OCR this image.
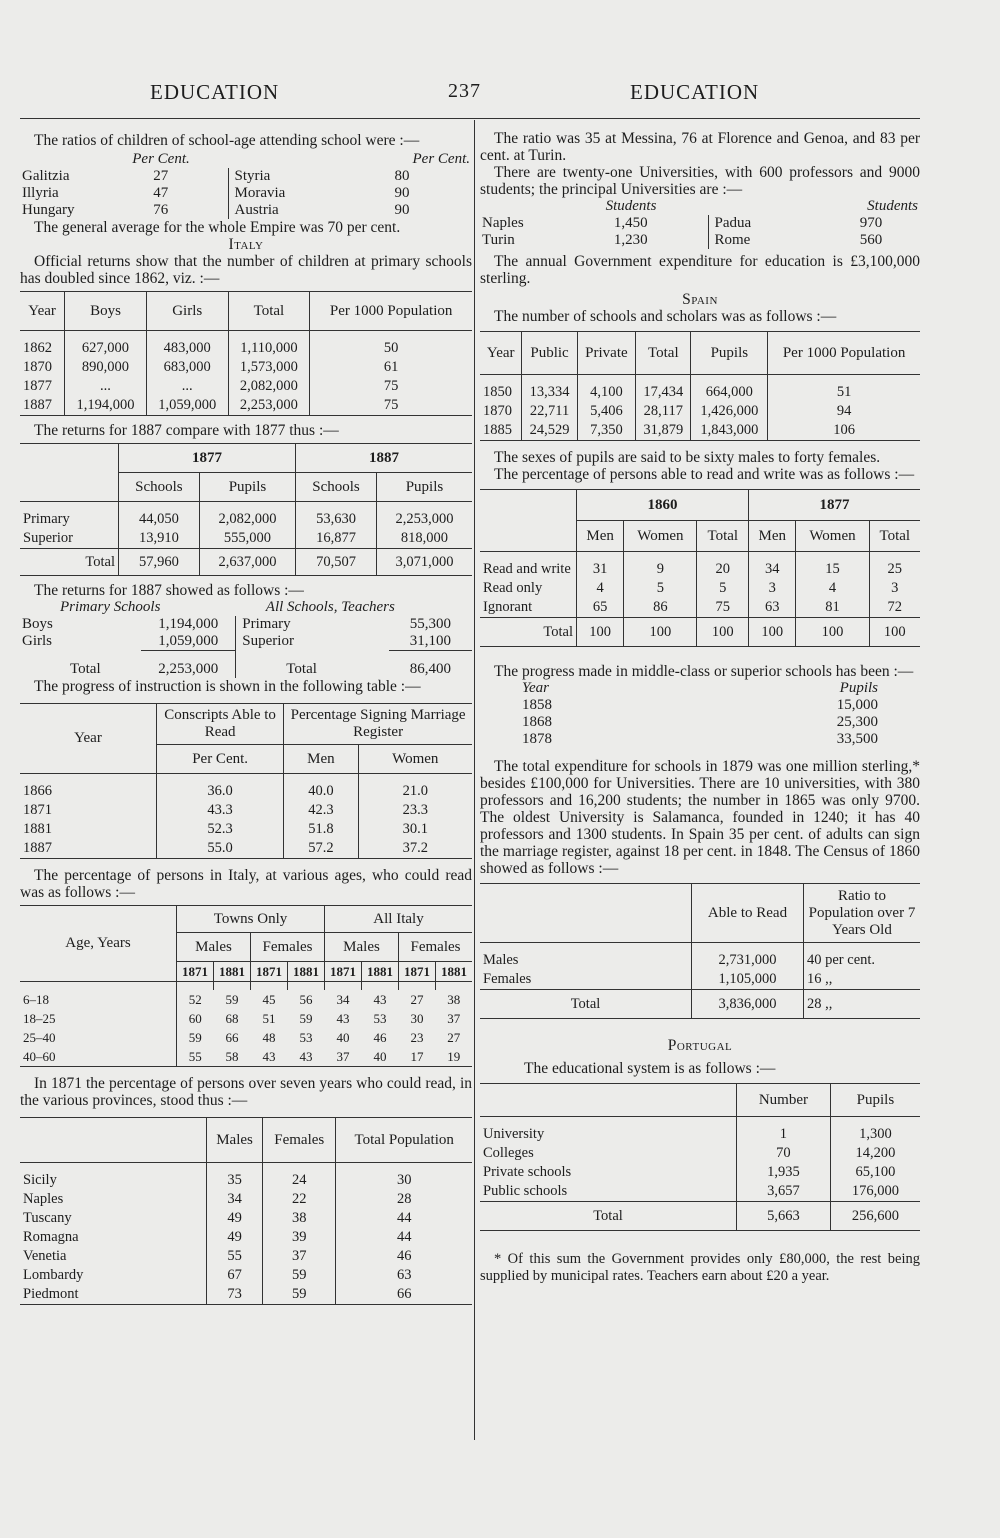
EDUCATION	237	EDUCATION

The ratios of children of school-age attending school were :—

	Per Cent.		Per Cent.
Galitzia	27	Styria	80
Illyria	47	Moravia	90
Hungary	76	Austria	90

The general average for the whole Empire was 70 per cent.

Italy

Official returns show that the number of children at primary schools has doubled since 1862, viz. :—

Year	Boys	Girls	Total	Per 1000 Population

1862	627,000	483,000	1,110,000	50
1870	890,000	683,000	1,573,000	61
1877	...	...	2,082,000	75
1887	1,194,000	1,059,000	2,253,000	75

The returns for 1887 compare with 1877 thus :—

	1877		1887	
	Schools	Pupils	Schools	Pupils

Primary	44,050	2,082,000	53,630	2,253,000
Superior	13,910	555,000	16,877	818,000
Total	57,960	2,637,000	70,507	3,071,000

The returns for 1887 showed as follows :—

Primary Schools		All Schools, Teachers	
Boys	1,194,000	Primary	55,300
Girls	1,059,000	Superior	31,100
Total	2,253,000	Total	86,400

The progress of instruction is shown in the following table :—

Year	Conscripts Able to Read	Percentage Signing Marriage Register	
	Per Cent.	Men	Women

1866	36.0	40.0	21.0
1871	43.3	42.3	23.3
1881	52.3	51.8	30.1
1887	55.0	57.2	37.2

The percentage of persons in Italy, at various ages, who could read was as follows :—

Age, Years	Towns Only				All Italy			
	Males		Females		Males		Females	
	1871	1881	1871	1881	1871	1881	1871	1881

6–18	52	59	45	56	34	43	27	38
18–25	60	68	51	59	43	53	30	37
25–40	59	66	48	53	40	46	23	27
40–60	55	58	43	43	37	40	17	19

In 1871 the percentage of persons over seven years who could read, in the various provinces, stood thus :—

	Males	Females	Total Population

Sicily	35	24	30
Naples	34	22	28
Tuscany	49	38	44
Romagna	49	39	44
Venetia	55	37	46
Lombardy	67	59	63
Piedmont	73	59	66

The ratio was 35 at Messina, 76 at Florence and Genoa, and 83 per cent. at Turin.

There are twenty-one Universities, with 600 professors and 9000 students; the principal Universities are :—

	Students		Students
Naples	1,450	Padua	970
Turin	1,230	Rome	560

The annual Government expenditure for education is £3,100,000 sterling.

Spain

The number of schools and scholars was as follows :—

Year	Public	Private	Total	Pupils	Per 1000 Population

1850	13,334	4,100	17,434	664,000	51
1870	22,711	5,406	28,117	1,426,000	94
1885	24,529	7,350	31,879	1,843,000	106

The sexes of pupils are said to be sixty males to forty females.

The percentage of persons able to read and write was as follows :—

	1860			1877		
	Men	Women	Total	Men	Women	Total

Read and write	31	9	20	34	15	25
Read only	4	5	5	3	4	3
Ignorant	65	86	75	63	81	72
Total	100	100	100	100	100	100

The progress made in middle-class or superior schools has been :—

Year	Pupils
1858	15,000
1868	25,300
1878	33,500

The total expenditure for schools in 1879 was one million sterling,* besides £100,000 for Universities. There are 10 universities, with 380 professors and 16,200 students; the number in 1865 was only 9700. The oldest University is Salamanca, founded in 1240; it has 40 professors and 1300 students. In Spain 35 per cent. of adults can sign the marriage register, against 18 per cent. in 1848. The Census of 1860 showed as follows :—

	Able to Read	Ratio to Population over 7 Years Old

Males	2,731,000	40 per cent.
Females	1,105,000	16 ,,
Total	3,836,000	28 ,,
Portugal

The educational system is as follows :—

	Number	Pupils

University	1	1,300
Colleges	70	14,200
Private schools	1,935	65,100
Public schools	3,657	176,000
Total	5,663	256,600

* Of this sum the Government provides only £80,000, the rest being supplied by municipal rates. Teachers earn about £20 a year.
